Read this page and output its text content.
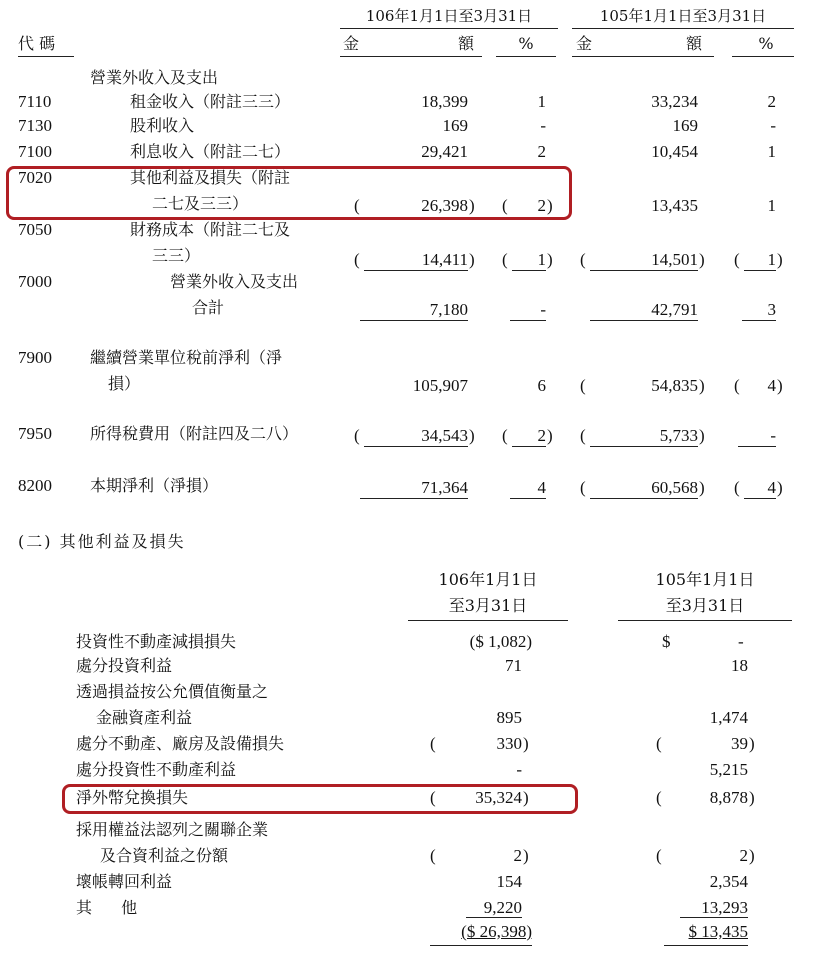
106年1月1日至3月31日	105年1月1日至3月31日
代 碼	金	額	%	金	額	%
營業外收入及支出
7110	租金收入（附註三三）	18,399	1	33,234	2
7130	股利收入	169	-	169	-
7100	利息收入（附註二七）	29,421	2	10,454	1
7020	其他利益及損失（附註
二七及三三）	(	26,398 ) (	2 )	13,435	1
7050	財務成本（附註二七及
三三）	(	14,411 ) (	1 ) (	14,501 ) (	1 )
7000	營業外收入及支出
合計	7,180	-	42,791	3
7900 繼續營業單位稅前淨利（淨
損）	105,907	6 (	54,835 ) (	4 )
7950 所得稅費用（附註四及二八）	(	34,543 ) (	2 ) (	5,733 )	-
8200 本期淨利（淨損）	71,364	4 (	60,568 ) (	4 )
(二) 其他利益及損失
106年1月1日
至3月31日
105年1月1日
至3月31日
投資性不動產減損損失	($ 1,082)	$	-
處分投資利益	71	18
透過損益按公允價值衡量之
金融資產利益	895	1,474
處分不動產、廠房及設備損失	(	330 )	(	39 )
處分投資性不動產利益	-	5,215
淨外幣兌換損失	(	35,324 )	(	8,878 )
採用權益法認列之關聯企業
及合資利益之份額	(	2 )	(	2 )
壞帳轉回利益	154	2,354
其 他	9,220	13,293
($ 26,398)	$ 13,435
